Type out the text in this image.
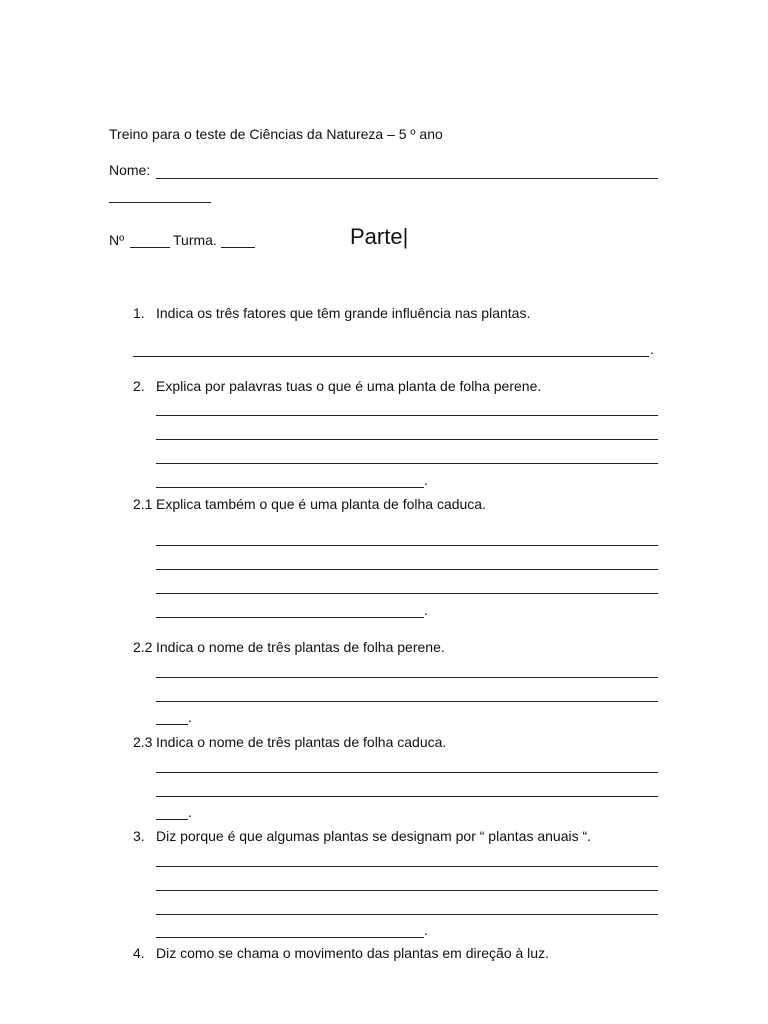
Treino para o teste de Ciências da Natureza – 5 º ano
Nome:
Nº	Turma.	Parte|
1. Indica os três fatores que têm grande influência nas plantas.
.
2. Explica por palavras tuas o que é uma planta de folha perene.
.
2.1 Explica também o que é uma planta de folha caduca.
.
2.2 Indica o nome de três plantas de folha perene.
.
2.3 Indica o nome de três plantas de folha caduca.
.
3. Diz porque é que algumas plantas se designam por “ plantas anuais “.
.
4. Diz como se chama o movimento das plantas em direção à luz.
